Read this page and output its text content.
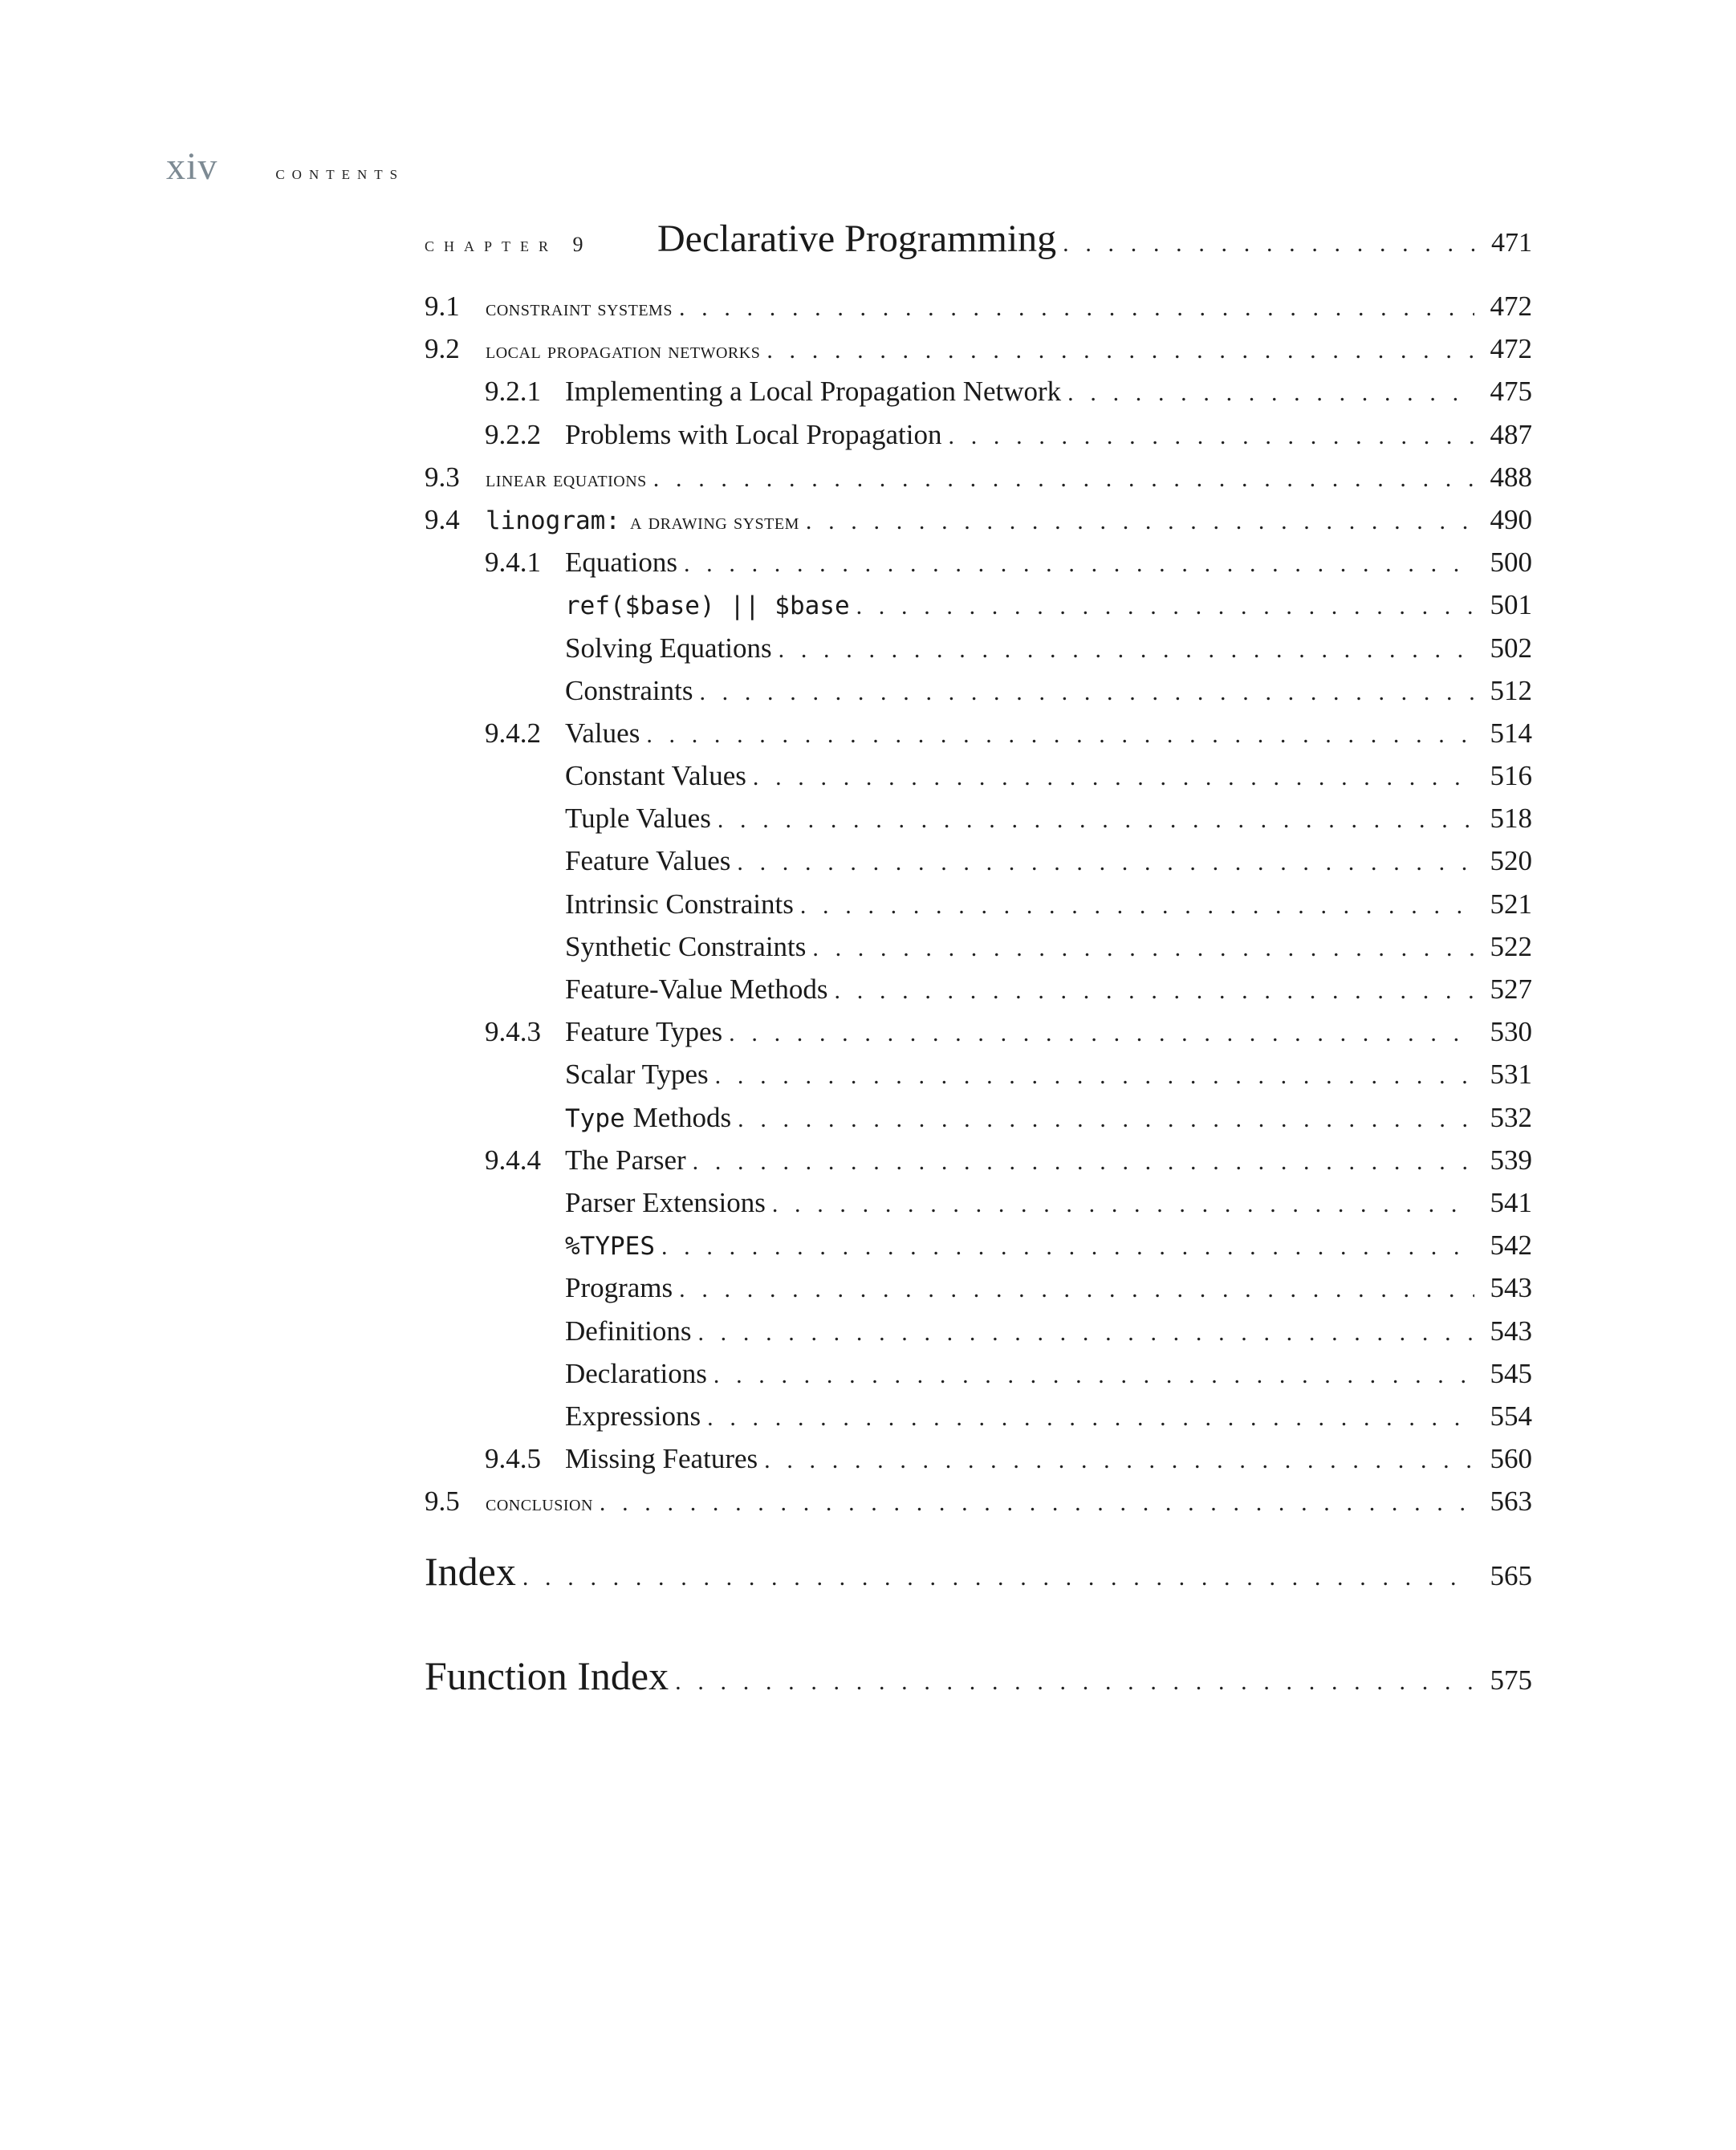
xiv	contents
chapter 9	Declarative Programming . . .	471
9.1	constraint systems . . .	472
9.2	local propagation networks . . .	472
9.2.1 Implementing a Local Propagation Network . . .	475
9.2.2 Problems with Local Propagation . . .	487
9.3	linear equations . . .	488
9.4	linogram: a drawing system . . .	490
9.4.1 Equations . . .	500
ref($base) || $base . . .	501
Solving Equations . . .	502
Constraints . . .	512
9.4.2 Values . . .	514
Constant Values . . .	516
Tuple Values . . .	518
Feature Values . . .	520
Intrinsic Constraints . . .	521
Synthetic Constraints . . .	522
Feature-Value Methods . . .	527
9.4.3 Feature Types . . .	530
Scalar Types . . .	531
Type Methods . . .	532
9.4.4 The Parser . . .	539
Parser Extensions . . .	541
%TYPES . . .	542
Programs . . .	543
Definitions . . .	543
Declarations . . .	545
Expressions . . .	554
9.4.5 Missing Features . . .	560
9.5	conclusion . . .	563
Index . . .	565
Function Index . . .	575
